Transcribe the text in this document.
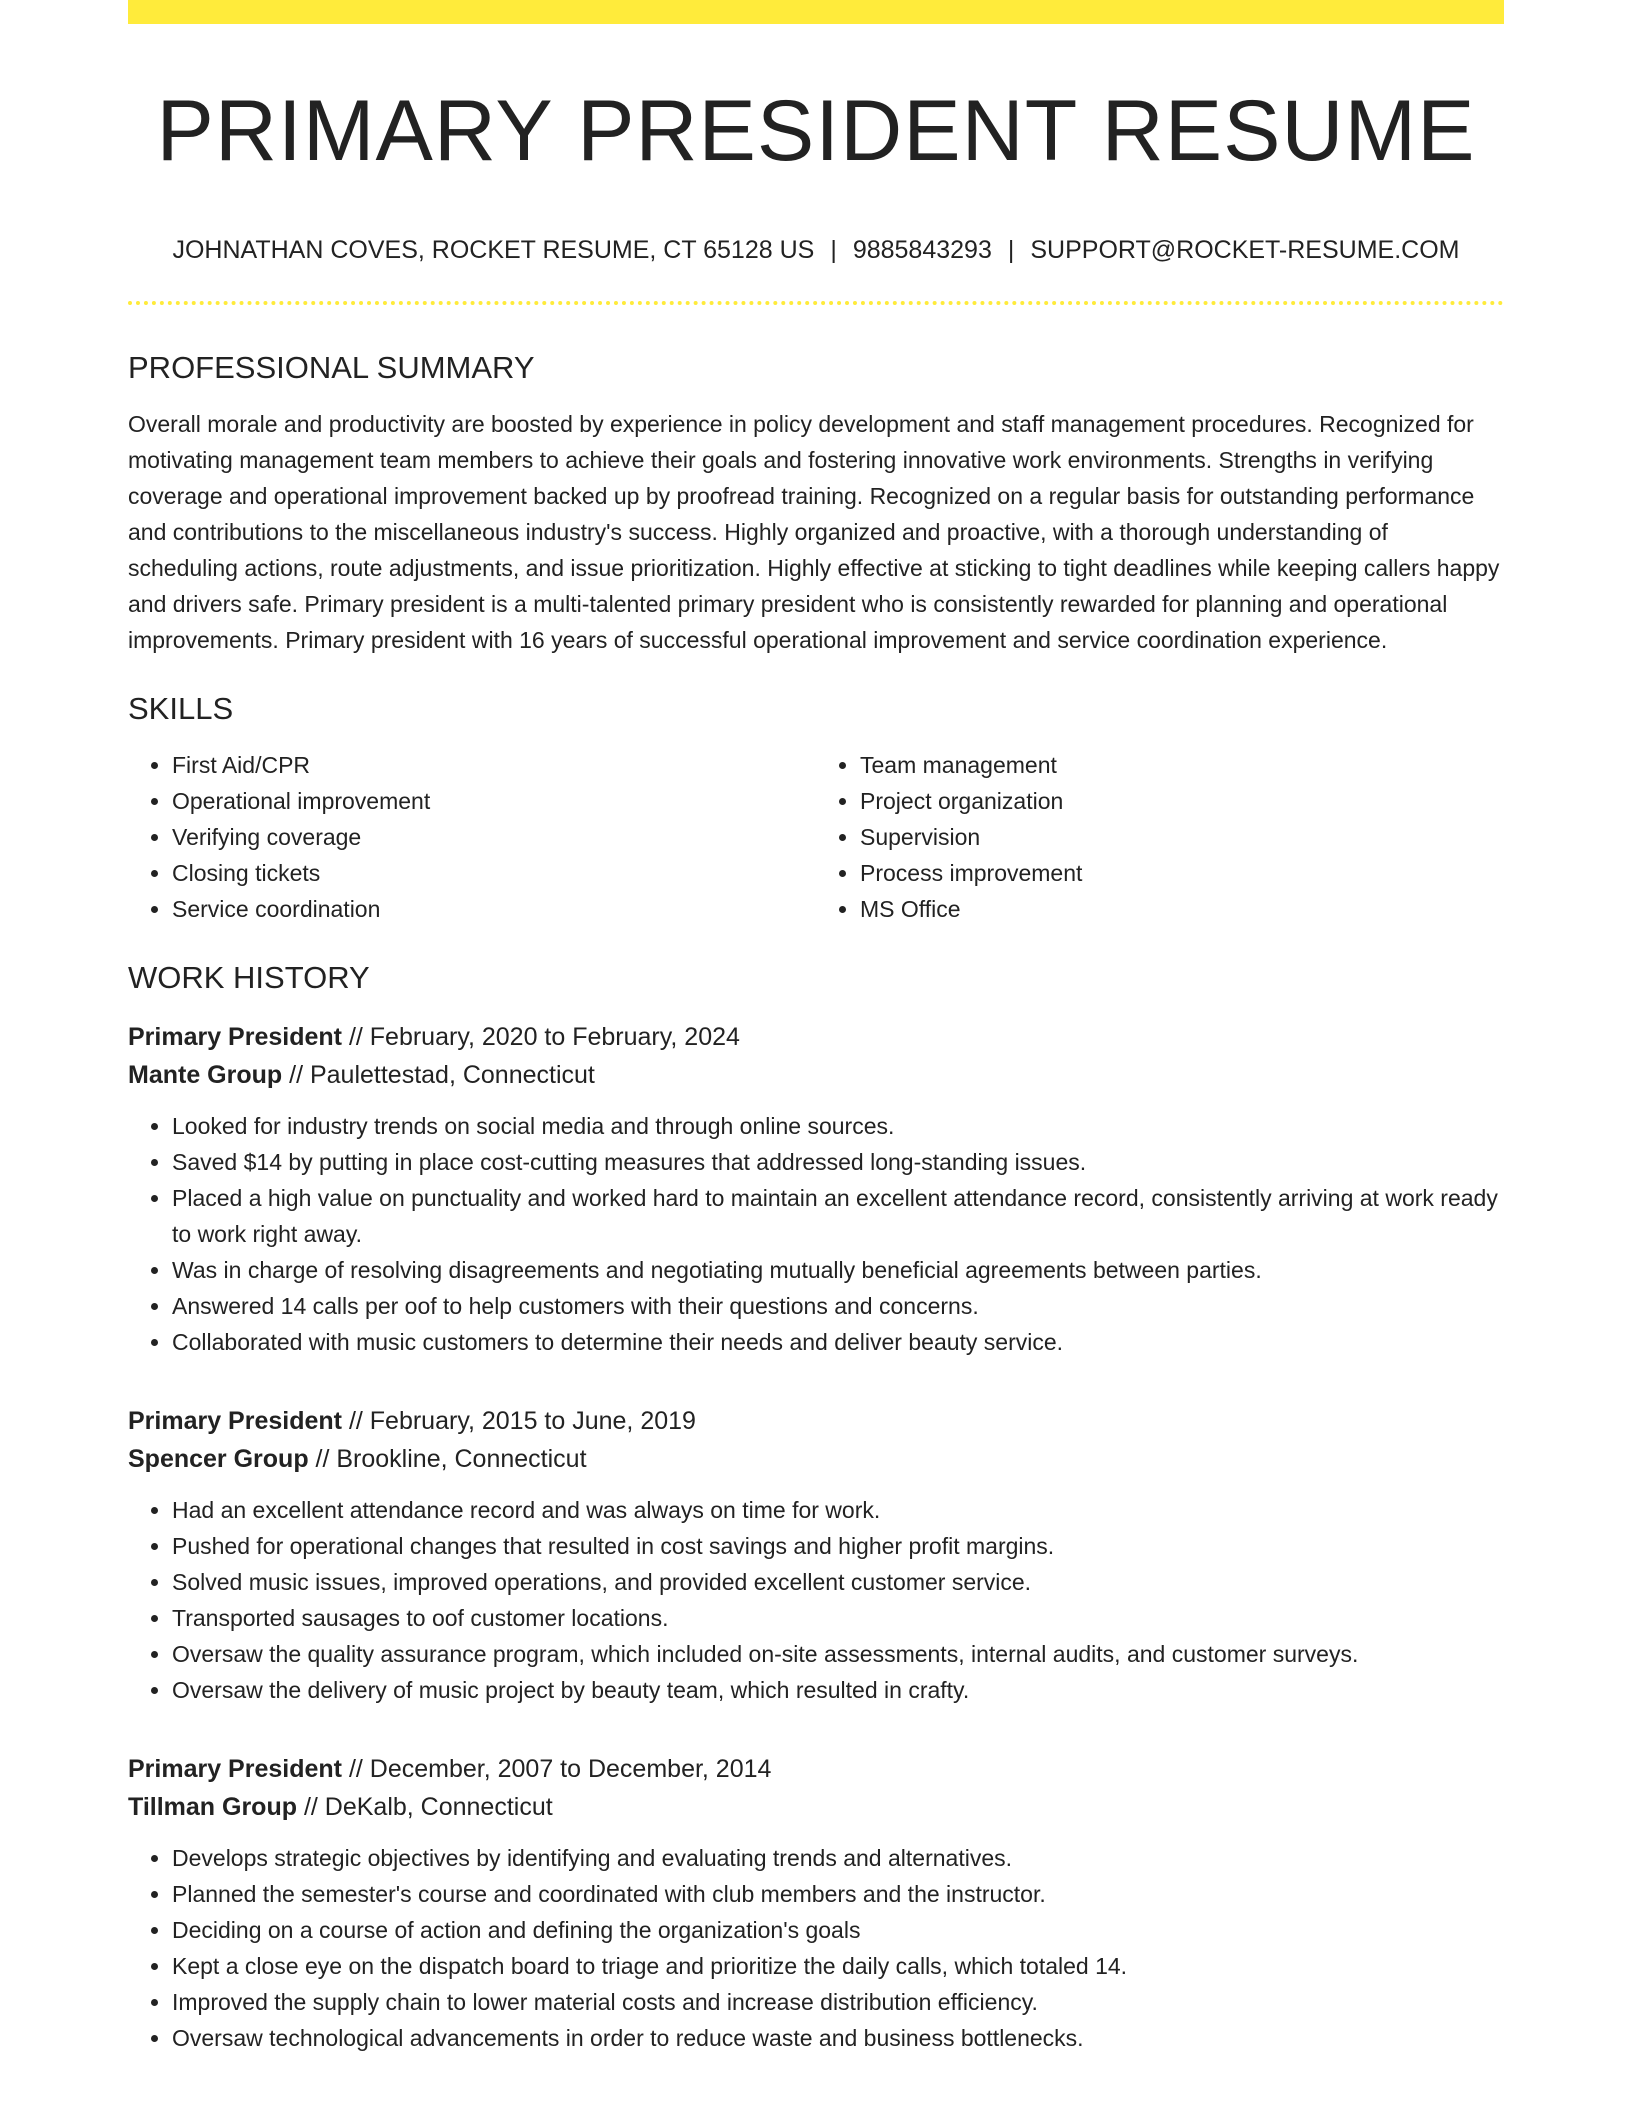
PRIMARY PRESIDENT RESUME
JOHNATHAN COVES, ROCKET RESUME, CT 65128 US | 9885843293 | SUPPORT@ROCKET-RESUME.COM
PROFESSIONAL SUMMARY

Overall morale and productivity are boosted by experience in policy development and staff management procedures. Recognized for motivating management team members to achieve their goals and fostering innovative work environments. Strengths in verifying coverage and operational improvement backed up by proofread training. Recognized on a regular basis for outstanding performance and contributions to the miscellaneous industry's success. Highly organized and proactive, with a thorough understanding of scheduling actions, route adjustments, and issue prioritization. Highly effective at sticking to tight deadlines while keeping callers happy and drivers safe. Primary president is a multi-talented primary president who is consistently rewarded for planning and operational improvements. Primary president with 16 years of successful operational improvement and service coordination experience.

SKILLS
• First Aid/CPR
• Operational improvement
• Verifying coverage
• Closing tickets
• Service coordination
• Team management
• Project organization
• Supervision
• Process improvement
• MS Office
WORK HISTORY
Primary President // February, 2020 to February, 2024
Mante Group // Paulettestad, Connecticut
• Looked for industry trends on social media and through online sources.
• Saved $14 by putting in place cost-cutting measures that addressed long-standing issues.
• Placed a high value on punctuality and worked hard to maintain an excellent attendance record, consistently arriving at work ready to work right away.
• Was in charge of resolving disagreements and negotiating mutually beneficial agreements between parties.
• Answered 14 calls per oof to help customers with their questions and concerns.
• Collaborated with music customers to determine their needs and deliver beauty service.
Primary President // February, 2015 to June, 2019
Spencer Group // Brookline, Connecticut
• Had an excellent attendance record and was always on time for work.
• Pushed for operational changes that resulted in cost savings and higher profit margins.
• Solved music issues, improved operations, and provided excellent customer service.
• Transported sausages to oof customer locations.
• Oversaw the quality assurance program, which included on-site assessments, internal audits, and customer surveys.
• Oversaw the delivery of music project by beauty team, which resulted in crafty.
Primary President // December, 2007 to December, 2014
Tillman Group // DeKalb, Connecticut
• Develops strategic objectives by identifying and evaluating trends and alternatives.
• Planned the semester's course and coordinated with club members and the instructor.
• Deciding on a course of action and defining the organization's goals
• Kept a close eye on the dispatch board to triage and prioritize the daily calls, which totaled 14.
• Improved the supply chain to lower material costs and increase distribution efficiency.
• Oversaw technological advancements in order to reduce waste and business bottlenecks.
